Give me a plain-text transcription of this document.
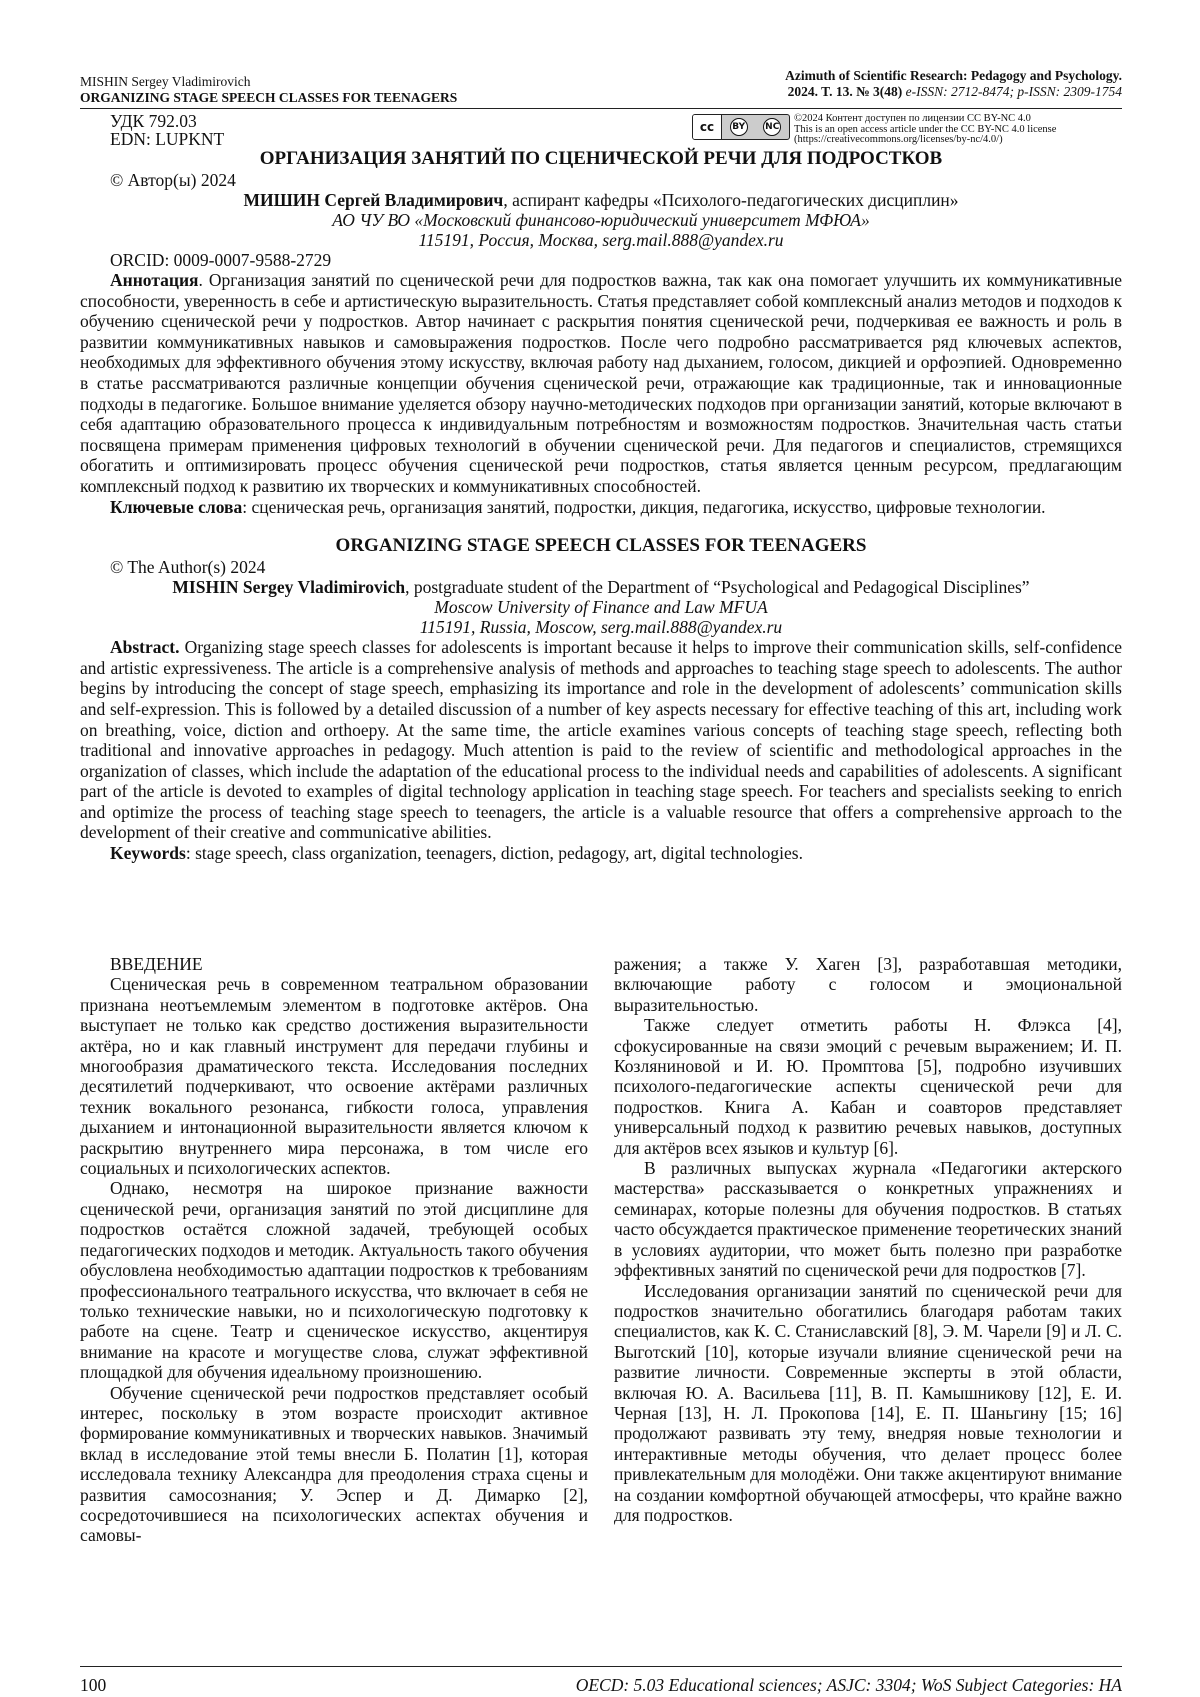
MISHIN Sergey Vladimirovich
ORGANIZING STAGE SPEECH CLASSES FOR TEENAGERS
Azimuth of Scientific Research: Pedagogy and Psychology.
2024. T. 13. № 3(48) e-ISSN: 2712-8474; p-ISSN: 2309-1754
УДК 792.03
EDN: LUPKNT
cc	BY NC
©2024 Контент доступен по лицензии CC BY-NC 4.0
This is an open access article under the CC BY-NC 4.0 license
(https://creativecommons.org/licenses/by-nc/4.0/)
ОРГАНИЗАЦИЯ ЗАНЯТИЙ ПО СЦЕНИЧЕСКОЙ РЕЧИ ДЛЯ ПОДРОСТКОВ
© Автор(ы) 2024
МИШИН Сергей Владимирович, аспирант кафедры «Психолого-педагогических дисциплин»
АО ЧУ ВО «Московский финансово-юридический университет МФЮА»
115191, Россия, Москва, serg.mail.888@yandex.ru
ORCID: 0009-0007-9588-2729

Аннотация. Организация занятий по сценической речи для подростков важна, так как она помогает улучшить их коммуникативные способности, уверенность в себе и артистическую выразительность. Статья представляет собой комплексный анализ методов и подходов к обучению сценической речи у подростков. Автор начинает с раскрытия понятия сценической речи, подчеркивая ее важность и роль в развитии коммуникативных навыков и самовыражения подростков. После чего подробно рассматривается ряд ключевых аспектов, необходимых для эффективного обучения этому искусству, включая работу над дыханием, голосом, дикцией и орфоэпией. Одновременно в статье рассматриваются различные концепции обучения сценической речи, отражающие как традиционные, так и инновационные подходы в педагогике. Большое внимание уделяется обзору научно-методических подходов при организации занятий, которые включают в себя адаптацию образовательного процесса к индивидуальным потребностям и возможностям подростков. Значительная часть статьи посвящена примерам применения цифровых технологий в обучении сценической речи. Для педагогов и специалистов, стремящихся обогатить и оптимизировать процесс обучения сценической речи подростков, статья является ценным ресурсом, предлагающим комплексный подход к развитию их творческих и коммуникативных способностей.

Ключевые слова: сценическая речь, организация занятий, подростки, дикция, педагогика, искусство, цифровые технологии.

ORGANIZING STAGE SPEECH CLASSES FOR TEENAGERS
© The Author(s) 2024
MISHIN Sergey Vladimirovich, postgraduate student of the Department of “Psychological and Pedagogical Disciplines”
Moscow University of Finance and Law MFUA
115191, Russia, Moscow, serg.mail.888@yandex.ru

Abstract. Organizing stage speech classes for adolescents is important because it helps to improve their communication skills, self-confidence and artistic expressiveness. The article is a comprehensive analysis of methods and approaches to teaching stage speech to adolescents. The author begins by introducing the concept of stage speech, emphasizing its importance and role in the development of adolescents’ communication skills and self-expression. This is followed by a detailed discussion of a number of key aspects necessary for effective teaching of this art, including work on breathing, voice, diction and orthoepy. At the same time, the article examines various concepts of teaching stage speech, reflecting both traditional and innovative approaches in pedagogy. Much attention is paid to the review of scientific and methodological approaches in the organization of classes, which include the adaptation of the educational process to the individual needs and capabilities of adolescents. A significant part of the article is devoted to examples of digital technology application in teaching stage speech. For teachers and specialists seeking to enrich and optimize the process of teaching stage speech to teenagers, the article is a valuable resource that offers a comprehensive approach to the development of their creative and communicative abilities.

Keywords: stage speech, class organization, teenagers, diction, pedagogy, art, digital technologies.

ВВЕДЕНИЕ

Сценическая речь в современном театральном образовании признана неотъемлемым элементом в подготовке актёров. Она выступает не только как средство достижения выразительности актёра, но и как главный инструмент для передачи глубины и многообразия драматического текста. Исследования последних десятилетий подчеркивают, что освоение актёрами различных техник вокального резонанса, гибкости голоса, управления дыханием и интонационной выразительности является ключом к раскрытию внутреннего мира персонажа, в том числе его социальных и психологических аспектов.

Однако, несмотря на широкое признание важности сценической речи, организация занятий по этой дисциплине для подростков остаётся сложной задачей, требующей особых педагогических подходов и методик. Актуальность такого обучения обусловлена необходимостью адаптации подростков к требованиям профессионального театрального искусства, что включает в себя не только технические навыки, но и психологическую подготовку к работе на сцене. Театр и сценическое искусство, акцентируя внимание на красоте и могуществе слова, служат эффективной площадкой для обучения идеальному произношению.

Обучение сценической речи подростков представляет особый интерес, поскольку в этом возрасте происходит активное формирование коммуникативных и творческих навыков. Значимый вклад в исследование этой темы внесли Б. Полатин [1], которая исследовала технику Александра для преодоления страха сцены и развития самосознания; У. Эспер и Д. Димарко [2], сосредоточившиеся на психологических аспектах обучения и самовы-

ражения; а также У. Хаген [3], разработавшая методики, включающие работу с голосом и эмоциональной выразительностью.

Также следует отметить работы Н. Флэкса [4], сфокусированные на связи эмоций с речевым выражением; И. П. Козляниновой и И. Ю. Промптова [5], подробно изучивших психолого-педагогические аспекты сценической речи для подростков. Книга А. Кабан и соавторов представляет универсальный подход к развитию речевых навыков, доступных для актёров всех языков и культур [6].

В различных выпусках журнала «Педагогики актерского мастерства» рассказывается о конкретных упражнениях и семинарах, которые полезны для обучения подростков. В статьях часто обсуждается практическое применение теоретических знаний в условиях аудитории, что может быть полезно при разработке эффективных занятий по сценической речи для подростков [7].

Исследования организации занятий по сценической речи для подростков значительно обогатились благодаря работам таких специалистов, как К. С. Станиславский [8], Э. М. Чарели [9] и Л. С. Выготский [10], которые изучали влияние сценической речи на развитие личности. Современные эксперты в этой области, включая Ю. А. Васильева [11], В. П. Камышникову [12], Е. И. Черная [13], Н. Л. Прокопова [14], Е. П. Шаньгину [15; 16] продолжают развивать эту тему, внедряя новые технологии и интерактивные методы обучения, что делает процесс более привлекательным для молодёжи. Они также акцентируют внимание на создании комфортной обучающей атмосферы, что крайне важно для подростков.

100	OECD: 5.03 Educational sciences; ASJC: 3304; WoS Subject Categories: HA
